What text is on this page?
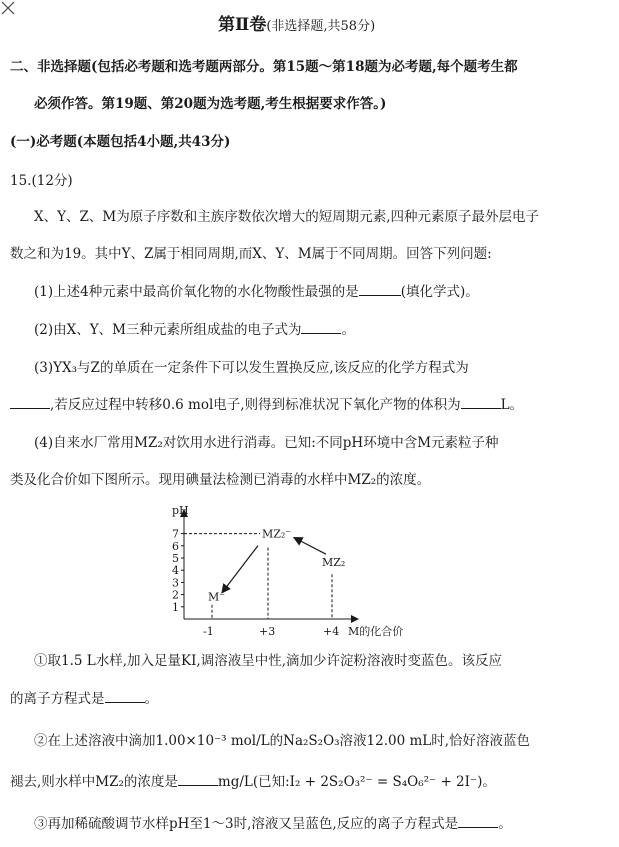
第Ⅱ卷(非选择题,共58分)
二、非选择题(包括必考题和选考题两部分。第15题～第18题为必考题,每个题考生都
必须作答。第19题、第20题为选考题,考生根据要求作答。)
(一)必考题(本题包括4小题,共43分)
15.(12分)
X、Y、Z、M为原子序数和主族序数依次增大的短周期元素,四种元素原子最外层电子
数之和为19。其中Y、Z属于相同周期,而X、Y、M属于不同周期。回答下列问题:
(1)上述4种元素中最高价氧化物的水化物酸性最强的是	(填化学式)。
(2)由X、Y、M三种元素所组成盐的电子式为	。
(3)YX₃与Z的单质在一定条件下可以发生置换反应,该反应的化学方程式为
,若反应过程中转移0.6 mol电子,则得到标准状况下氧化产物的体积为	L。
(4)自来水厂常用MZ₂对饮用水进行消毒。已知:不同pH环境中含M元素粒子种
类及化合价如下图所示。现用碘量法检测已消毒的水样中MZ₂的浓度。
pH
M的化合价
1
2
3
4
5
6
7
-1	+3	+4
M⁻
MZ₂⁻
MZ₂
①取1.5 L水样,加入足量KI,调溶液呈中性,滴加少许淀粉溶液时变蓝色。该反应
的离子方程式是	。
②在上述溶液中滴加1.00×10⁻³ mol/L的Na₂S₂O₃溶液12.00 mL时,恰好溶液蓝色
褪去,则水样中MZ₂的浓度是	mg/L(已知:I₂ + 2S₂O₃²⁻ = S₄O₆²⁻ + 2I⁻)。
③再加稀硫酸调节水样pH至1～3时,溶液又呈蓝色,反应的离子方程式是	。
